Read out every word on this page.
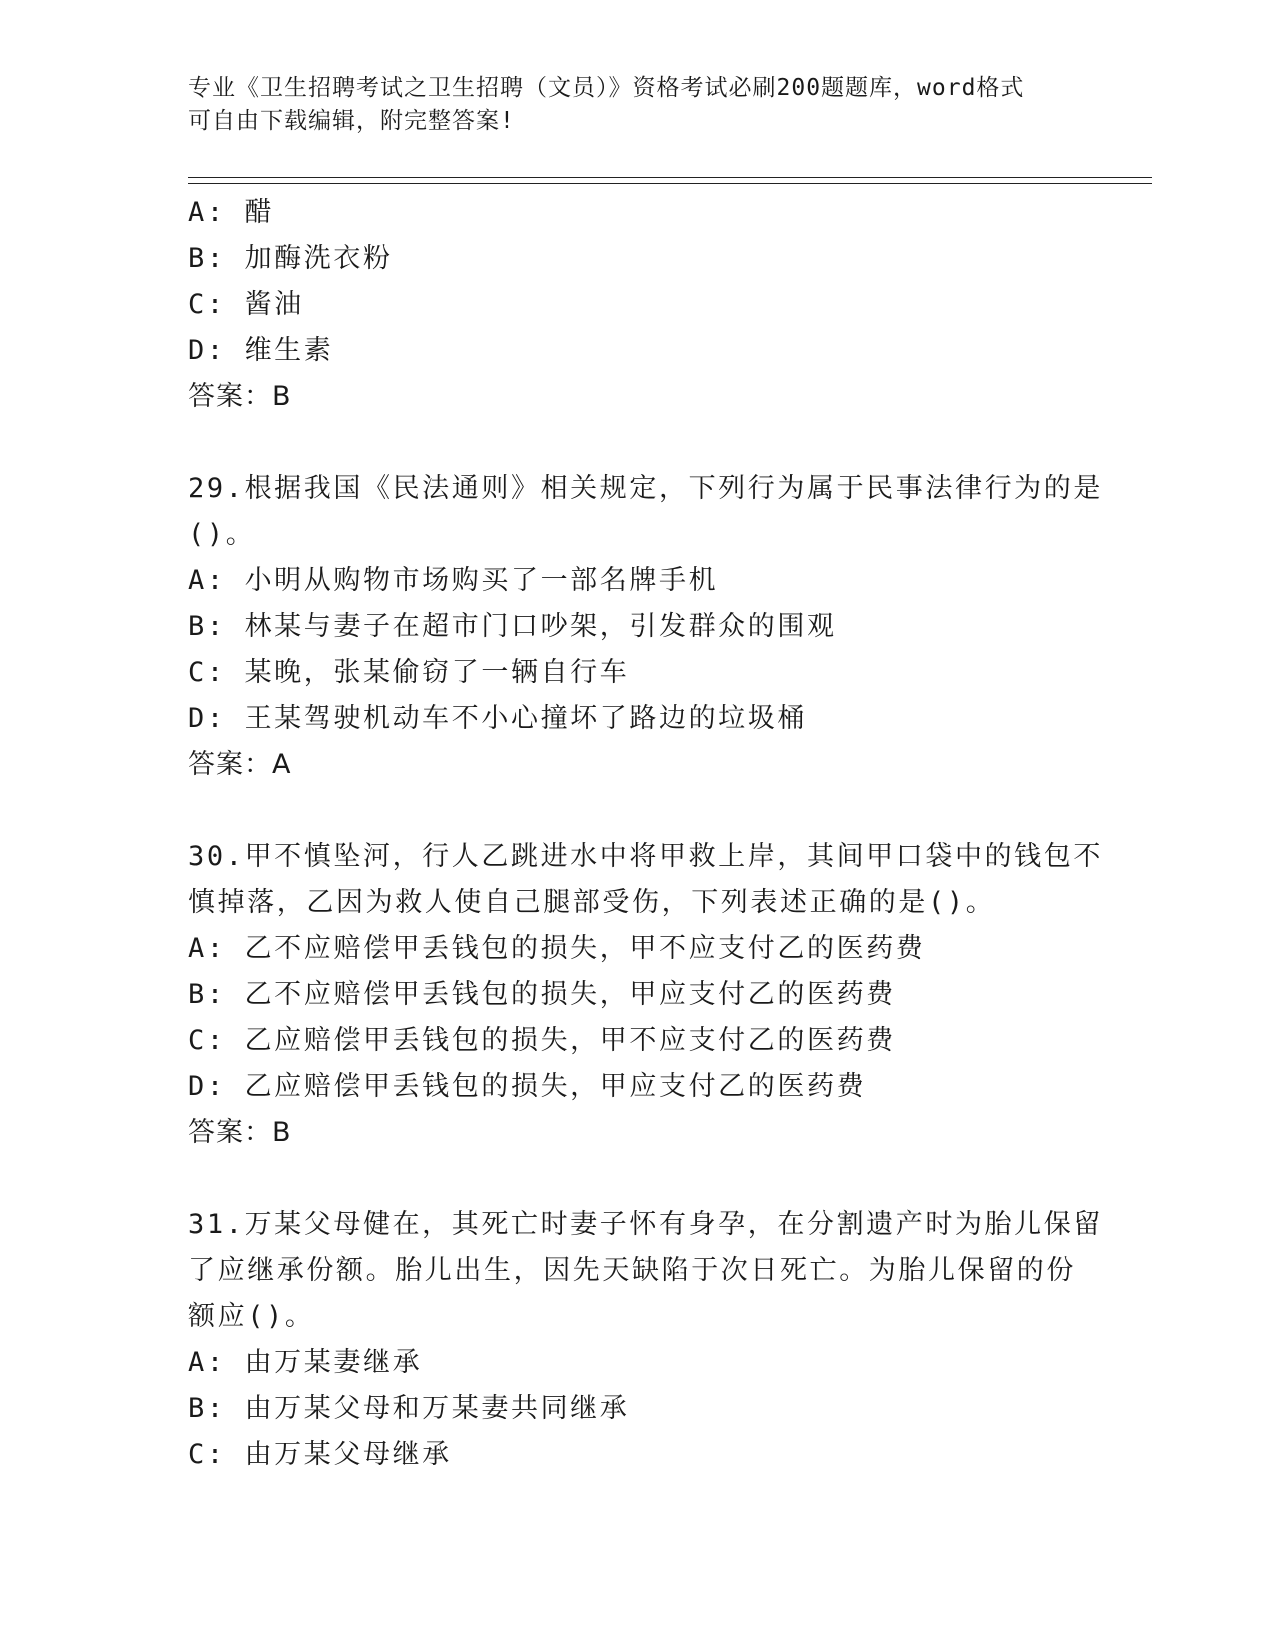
专业《卫生招聘考试之卫生招聘（文员）》资格考试必刷200题题库，word格式
可自由下载编辑，附完整答案!
A: 醋
B: 加酶洗衣粉
C: 酱油
D: 维生素
答案：B
29.根据我国《民法通则》相关规定，下列行为属于民事法律行为的是
()。
A: 小明从购物市场购买了一部名牌手机
B: 林某与妻子在超市门口吵架，引发群众的围观
C: 某晚，张某偷窃了一辆自行车
D: 王某驾驶机动车不小心撞坏了路边的垃圾桶
答案：A
30.甲不慎坠河，行人乙跳进水中将甲救上岸，其间甲口袋中的钱包不
慎掉落，乙因为救人使自己腿部受伤，下列表述正确的是()。
A: 乙不应赔偿甲丢钱包的损失，甲不应支付乙的医药费
B: 乙不应赔偿甲丢钱包的损失，甲应支付乙的医药费
C: 乙应赔偿甲丢钱包的损失，甲不应支付乙的医药费
D: 乙应赔偿甲丢钱包的损失，甲应支付乙的医药费
答案：B
31.万某父母健在，其死亡时妻子怀有身孕，在分割遗产时为胎儿保留
了应继承份额。胎儿出生，因先天缺陷于次日死亡。为胎儿保留的份
额应()。
A: 由万某妻继承
B: 由万某父母和万某妻共同继承
C: 由万某父母继承
